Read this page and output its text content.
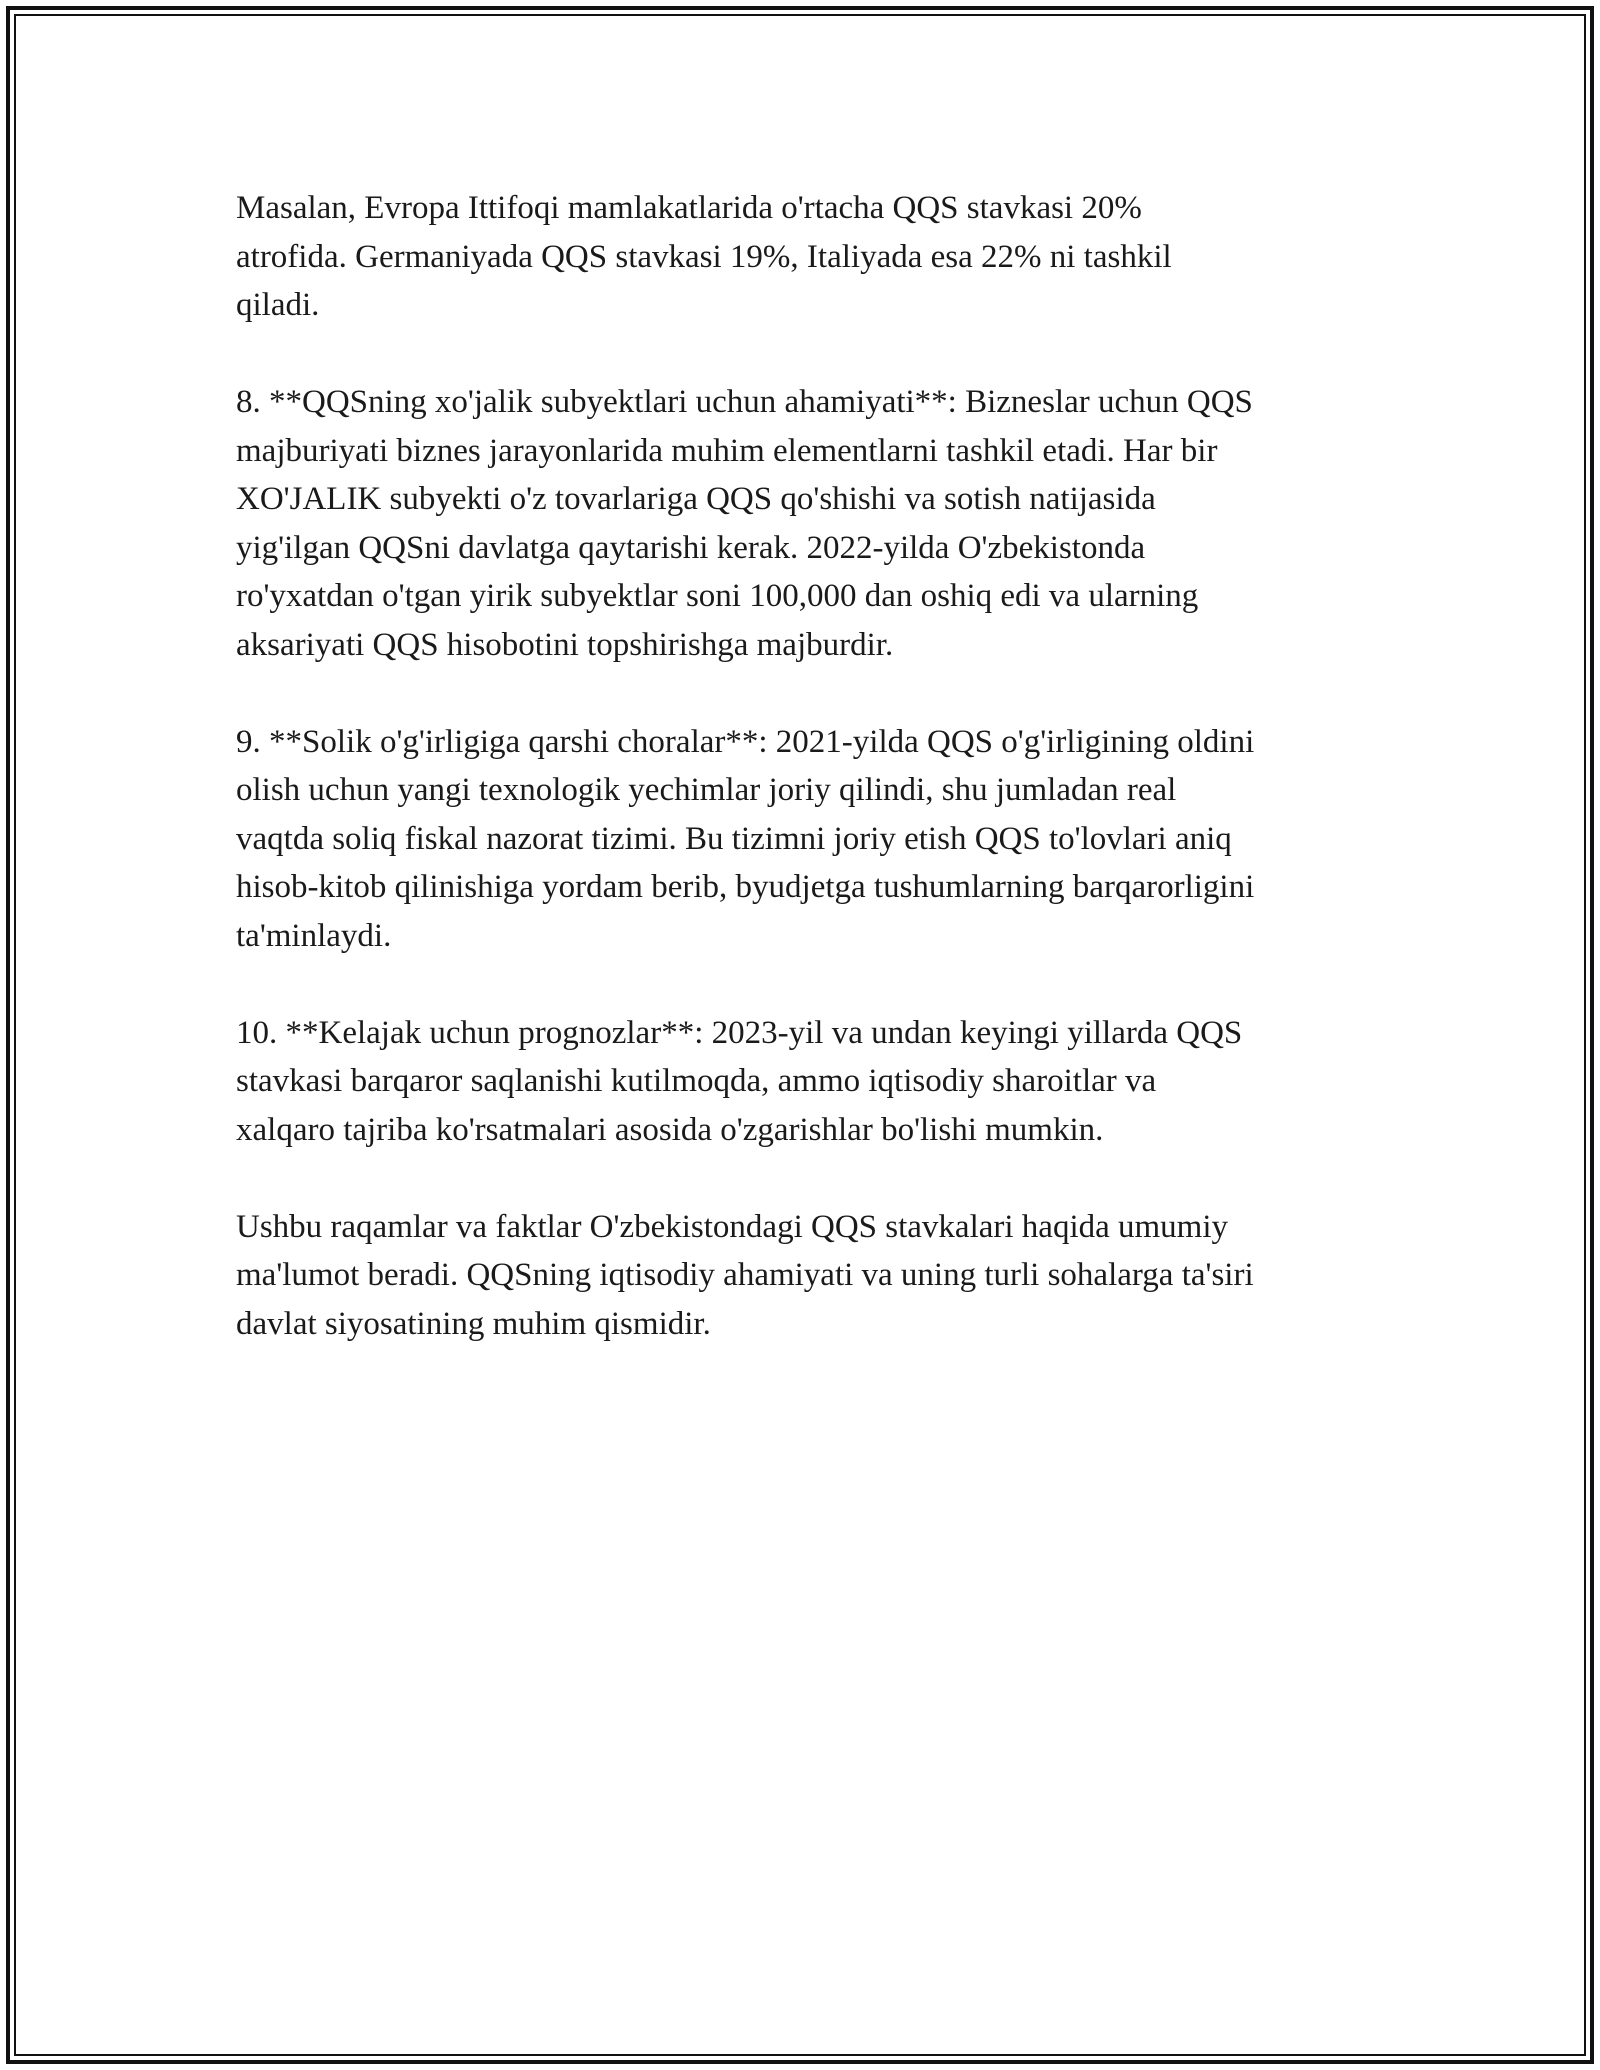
Masalan, Evropa Ittifoqi mamlakatlarida o'rtacha QQS stavkasi 20%
atrofida. Germaniyada QQS stavkasi 19%, Italiyada esa 22% ni tashkil
qiladi.

8. **QQSning xo'jalik subyektlari uchun ahamiyati**: Bizneslar uchun QQS
majburiyati biznes jarayonlarida muhim elementlarni tashkil etadi. Har bir
XO'JALIK subyekti o'z tovarlariga QQS qo'shishi va sotish natijasida
yig'ilgan QQSni davlatga qaytarishi kerak. 2022-yilda O'zbekistonda
ro'yxatdan o'tgan yirik subyektlar soni 100,000 dan oshiq edi va ularning
aksariyati QQS hisobotini topshirishga majburdir.

9. **Solik o'g'irligiga qarshi choralar**: 2021-yilda QQS o'g'irligining oldini
olish uchun yangi texnologik yechimlar joriy qilindi, shu jumladan real
vaqtda soliq fiskal nazorat tizimi. Bu tizimni joriy etish QQS to'lovlari aniq
hisob-kitob qilinishiga yordam berib, byudjetga tushumlarning barqarorligini
ta'minlaydi.

10. **Kelajak uchun prognozlar**: 2023-yil va undan keyingi yillarda QQS
stavkasi barqaror saqlanishi kutilmoqda, ammo iqtisodiy sharoitlar va
xalqaro tajriba ko'rsatmalari asosida o'zgarishlar bo'lishi mumkin.

Ushbu raqamlar va faktlar O'zbekistondagi QQS stavkalari haqida umumiy
ma'lumot beradi. QQSning iqtisodiy ahamiyati va uning turli sohalarga ta'siri
davlat siyosatining muhim qismidir.
